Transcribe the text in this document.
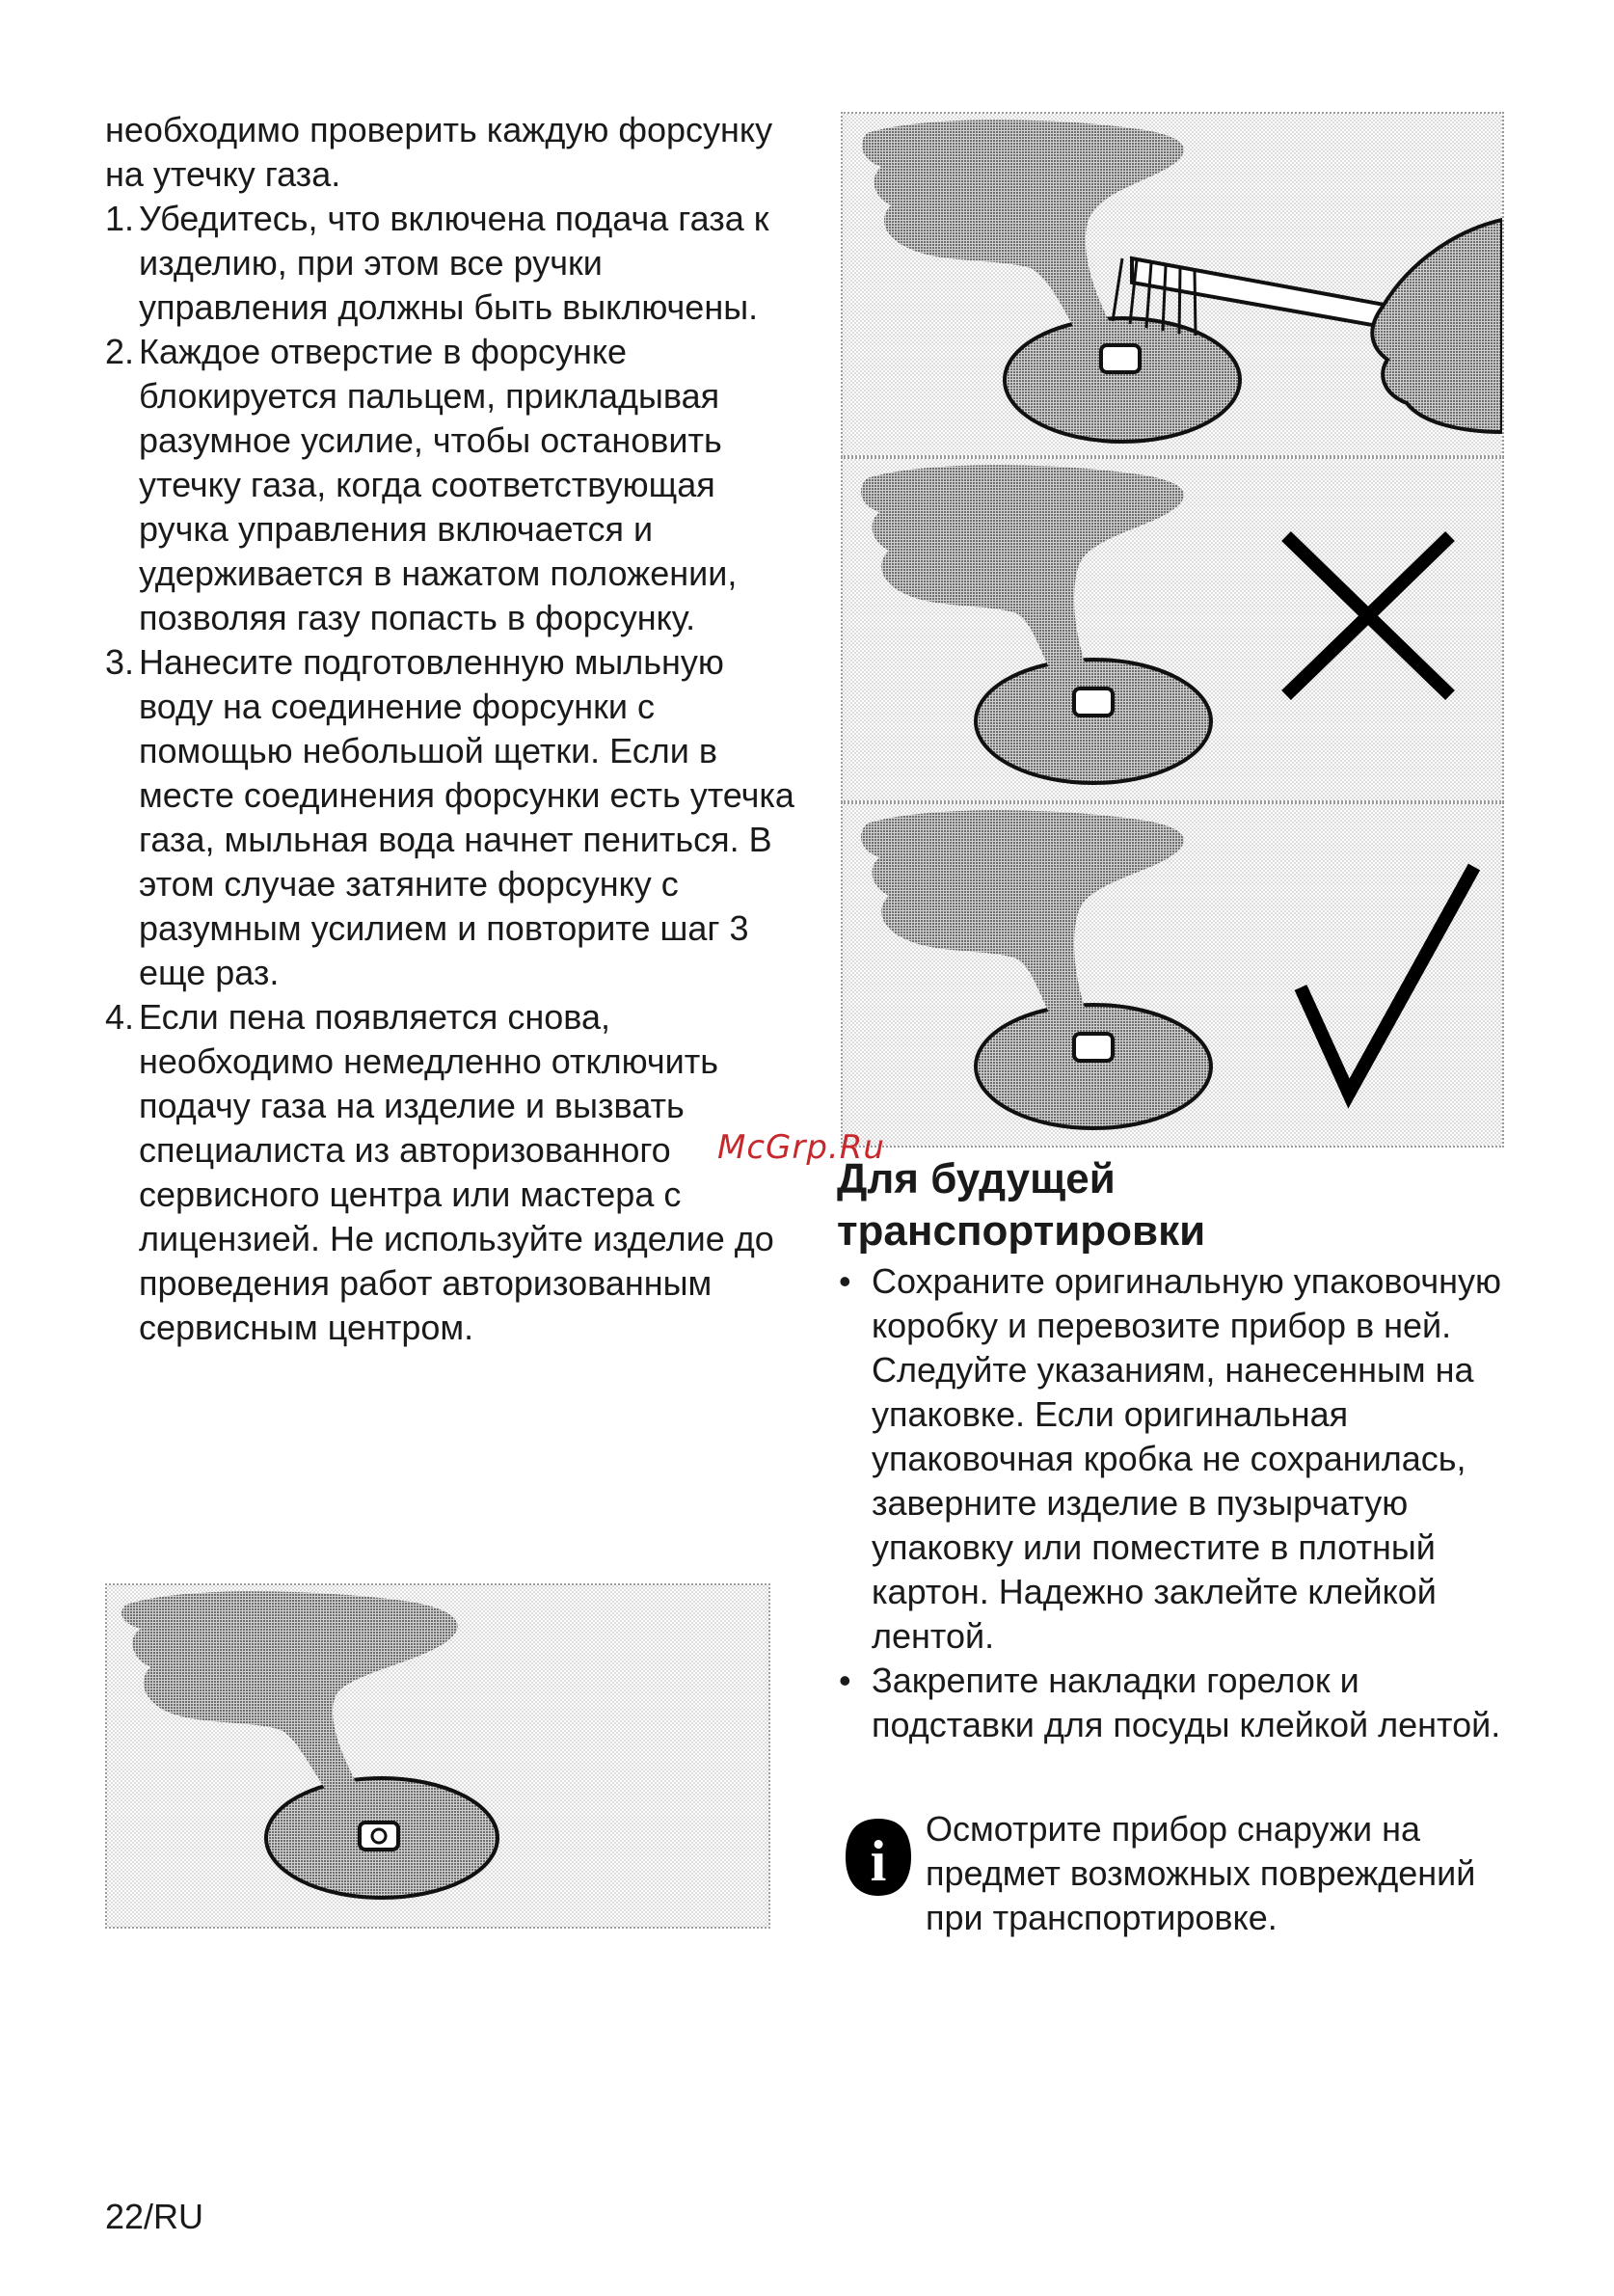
необходимо проверить каждую форсунку на утечку газа.

1. Убедитесь, что включена подача газа к изделию, при этом все ручки управления должны быть выключены.
2. Каждое отверстие в форсунке блокируется пальцем, прикладывая разумное усилие, чтобы остановить утечку газа, когда соответствующая ручка управления включается и удерживается в нажатом положении, позволяя газу попасть в форсунку.
3. Нанесите подготовленную мыльную воду на соединение форсунки с помощью небольшой щетки. Если в месте соединения форсунки есть утечка газа, мыльная вода начнет пениться. В этом случае затяните форсунку с разумным усилием и повторите шаг 3 еще раз.
4. Если пена появляется снова, необходимо немедленно отключить подачу газа на изделие и вызвать специалиста из авторизованного сервисного центра или мастера с лицензией. Не используйте изделие до проведения работ авторизованным сервисным центром.
McGrp.Ru
Для будущей
транспортировки
• Сохраните оригинальную упаковочную коробку и перевозите прибор в ней. Следуйте указаниям, нанесенным на упаковке. Если оригинальная упаковочная кробка не сохранилась, заверните изделие в пузырчатую упаковку или поместите в плотный картон. Надежно заклейте клейкой лентой.
• Закрепите накладки горелок и подставки для посуды клейкой лентой.
i
Осмотрите прибор снаружи на предмет возможных повреждений при транспортировке.
22/RU
